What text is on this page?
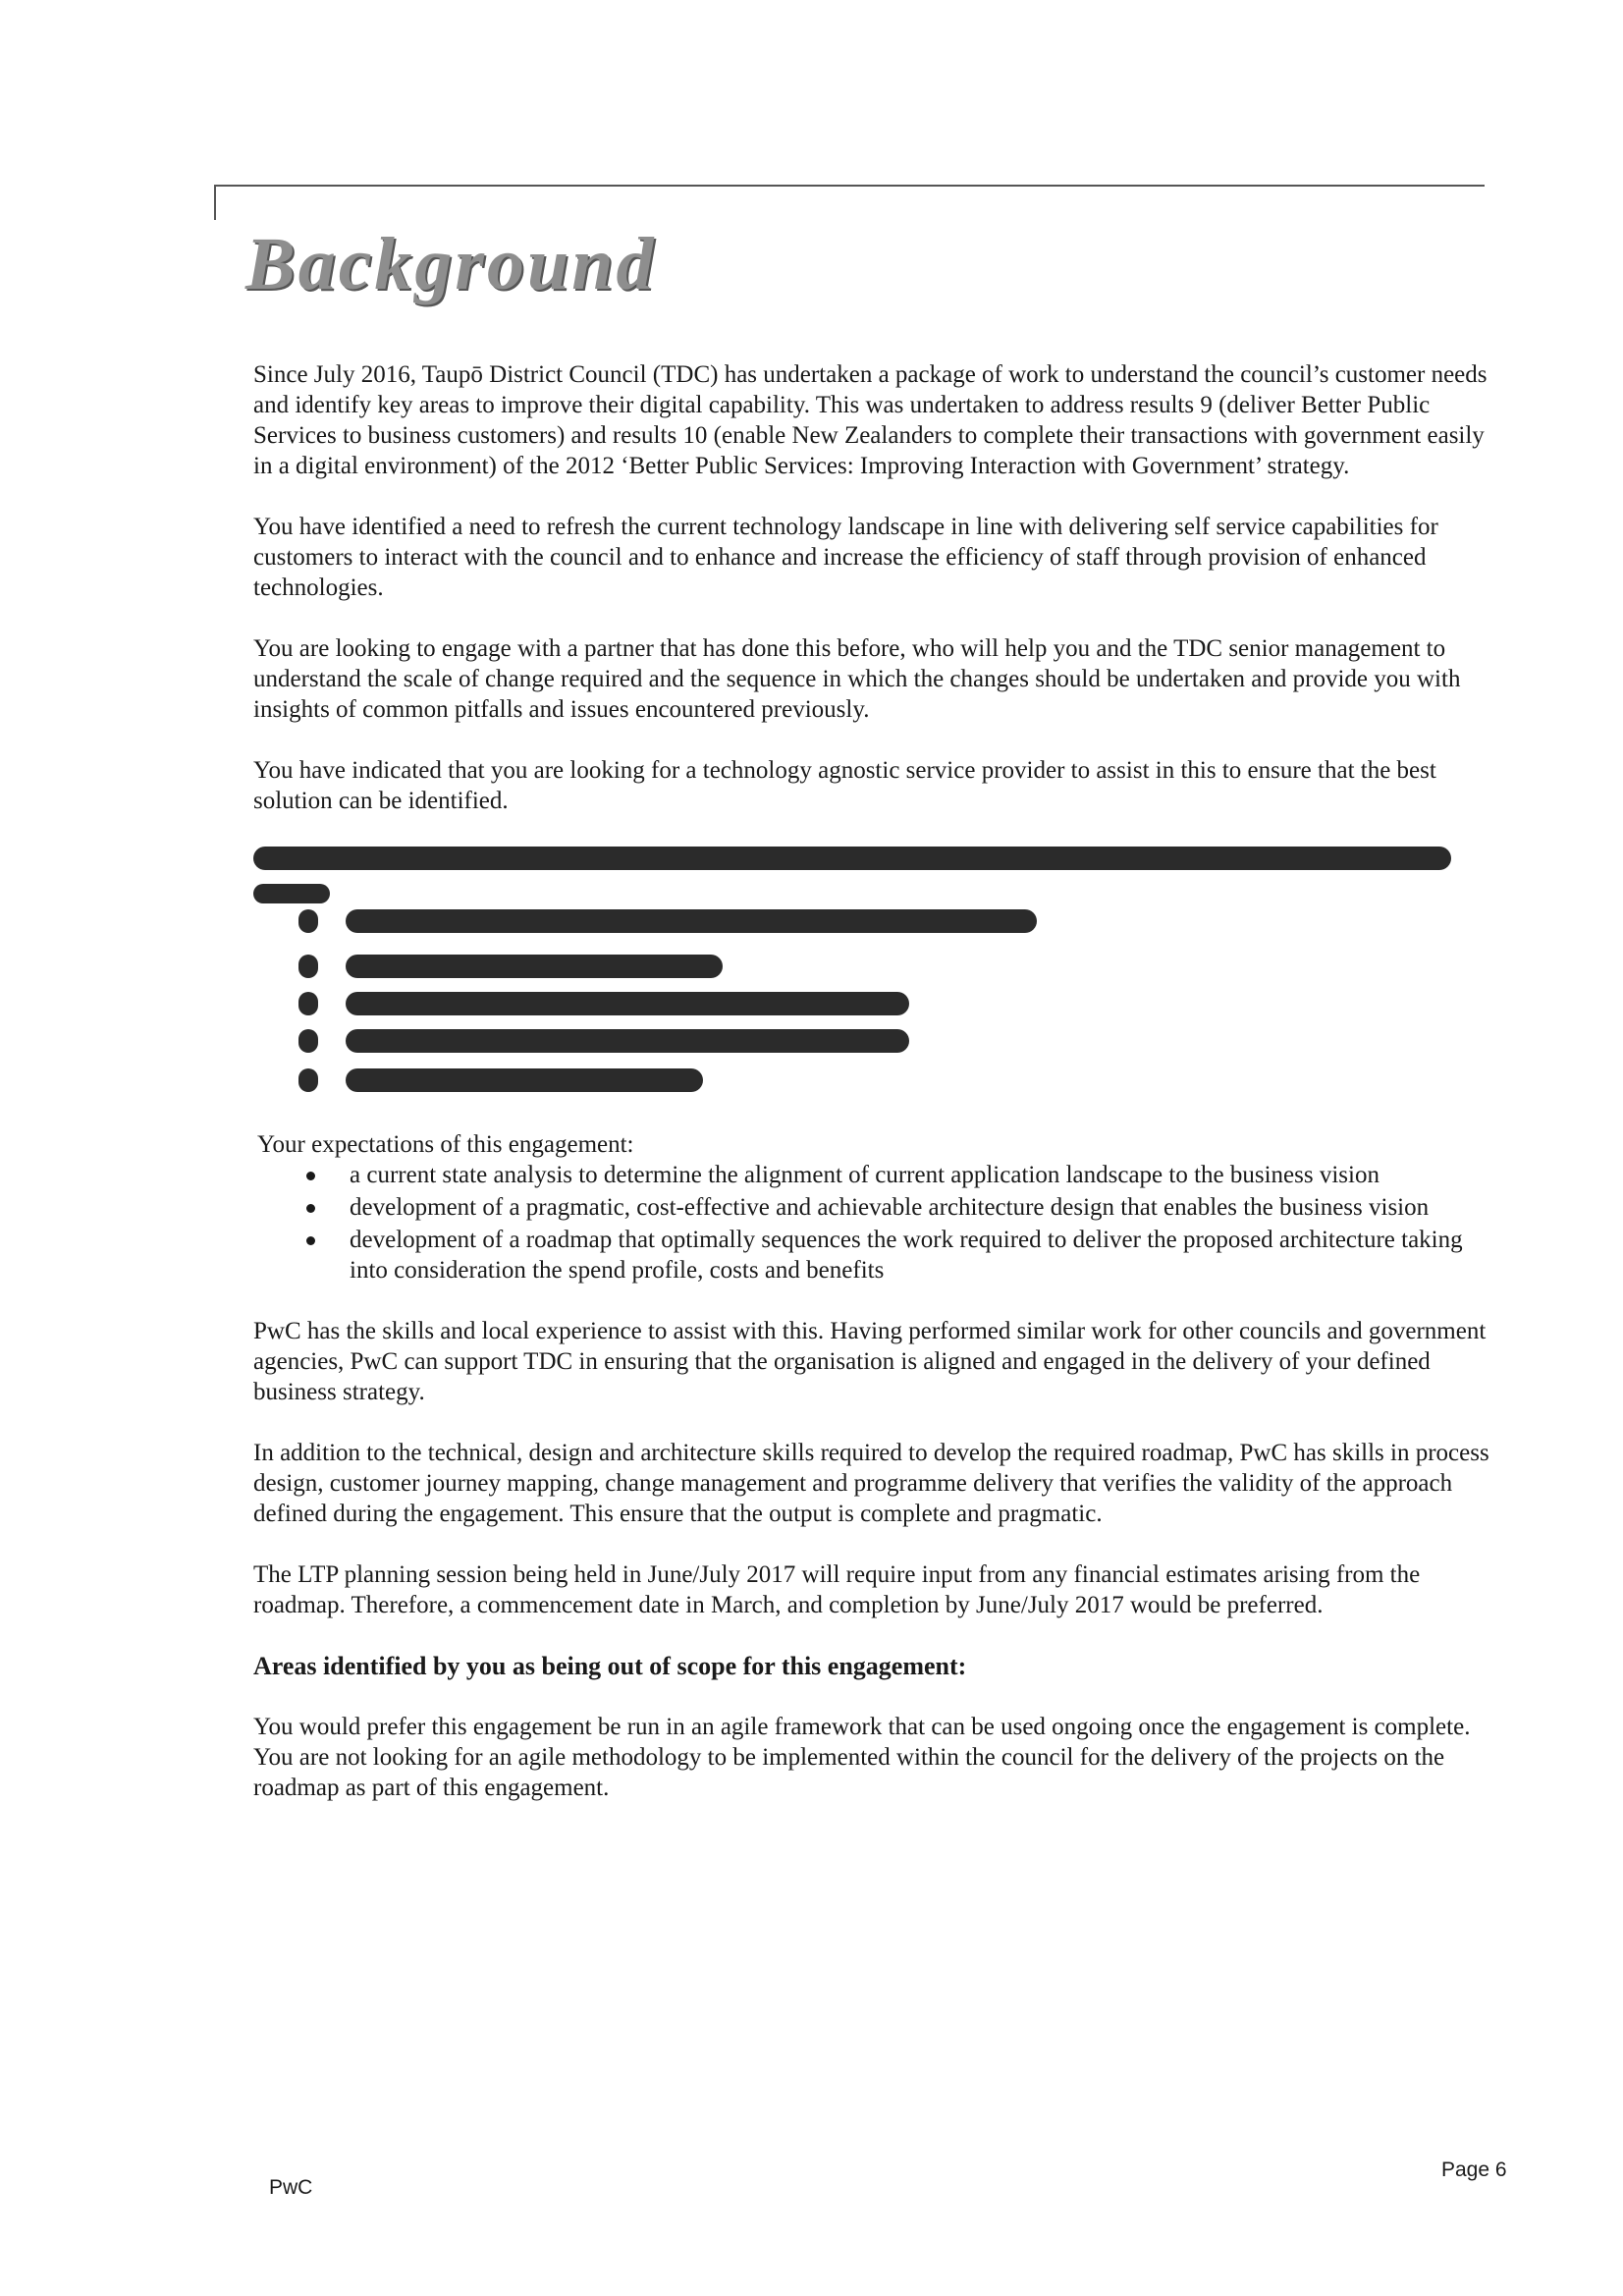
Background

Since July 2016, Taupō District Council (TDC) has undertaken a package of work to understand the council’s customer needs and identify key areas to improve their digital capability. This was undertaken to address results 9 (deliver Better Public Services to business customers) and results 10 (enable New Zealanders to complete their transactions with government easily in a digital environment) of the 2012 ‘Better Public Services: Improving Interaction with Government’ strategy.

You have identified a need to refresh the current technology landscape in line with delivering self service capabilities for customers to interact with the council and to enhance and increase the efficiency of staff through provision of enhanced technologies.

You are looking to engage with a partner that has done this before, who will help you and the TDC senior management to understand the scale of change required and the sequence in which the changes should be undertaken and provide you with insights of common pitfalls and issues encountered previously.

You have indicated that you are looking for a technology agnostic service provider to assist in this to ensure that the best solution can be identified.

Your expectations of this engagement:
a current state analysis to determine the alignment of current application landscape to the business vision
development of a pragmatic, cost-effective and achievable architecture design that enables the business vision
development of a roadmap that optimally sequences the work required to deliver the proposed architecture taking into consideration the spend profile, costs and benefits

PwC has the skills and local experience to assist with this. Having performed similar work for other councils and government agencies, PwC can support TDC in ensuring that the organisation is aligned and engaged in the delivery of your defined business strategy.

In addition to the technical, design and architecture skills required to develop the required roadmap, PwC has skills in process design, customer journey mapping, change management and programme delivery that verifies the validity of the approach defined during the engagement. This ensure that the output is complete and pragmatic.

The LTP planning session being held in June/July 2017 will require input from any financial estimates arising from the roadmap. Therefore, a commencement date in March, and completion by June/July 2017 would be preferred.

Areas identified by you as being out of scope for this engagement:

You would prefer this engagement be run in an agile framework that can be used ongoing once the engagement is complete. You are not looking for an agile methodology to be implemented within the council for the delivery of the projects on the roadmap as part of this engagement.

PwC
Page 6
